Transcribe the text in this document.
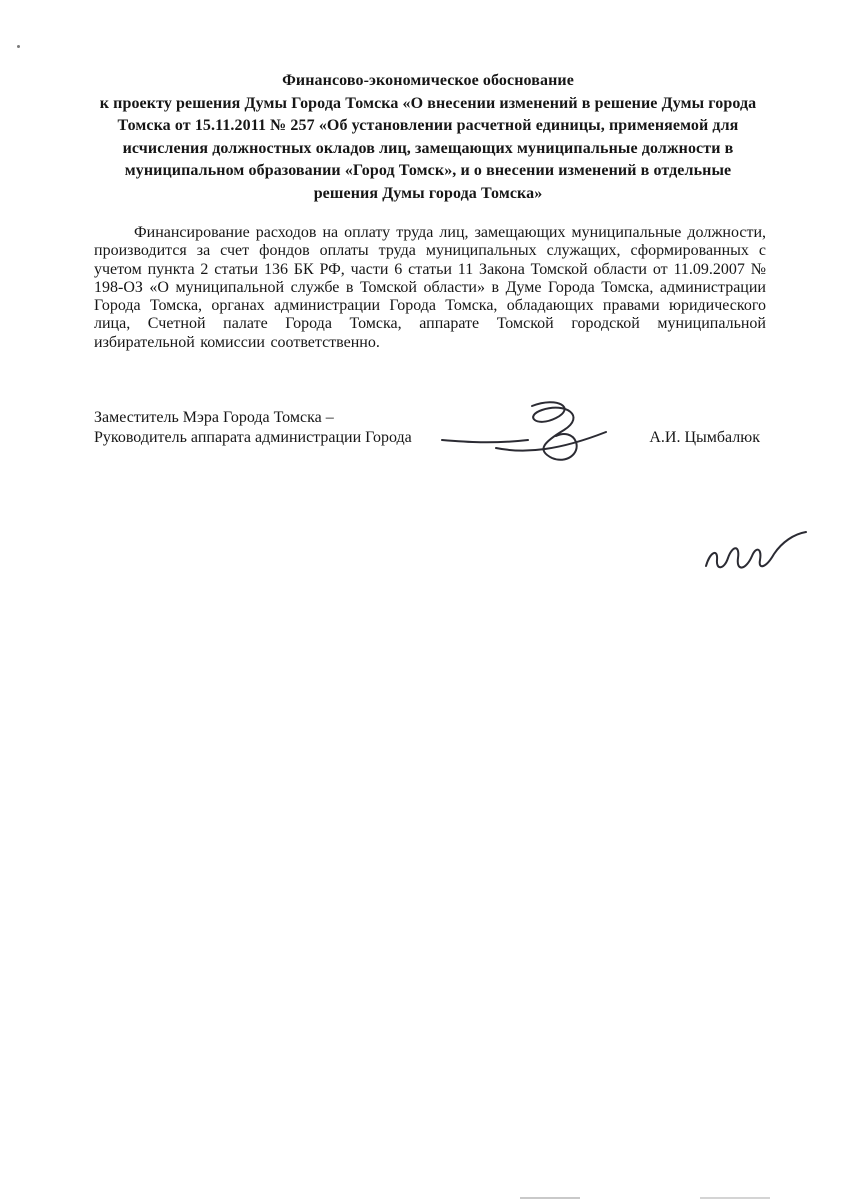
Финансово-экономическое обоснование
к проекту решения Думы Города Томска «О внесении изменений в решение Думы города Томска от 15.11.2011 № 257 «Об установлении расчетной единицы, применяемой для исчисления должностных окладов лиц, замещающих муниципальные должности в муниципальном образовании «Город Томск», и о внесении изменений в отдельные решения Думы города Томска»

Финансирование расходов на оплату труда лиц, замещающих муниципальные должности, производится за счет фондов оплаты труда муниципальных служащих, сформированных с учетом пункта 2 статьи 136 БК РФ, части 6 статьи 11 Закона Томской области от 11.09.2007 № 198-ОЗ «О муниципальной службе в Томской области» в Думе Города Томска, администрации Города Томска, органах администрации Города Томска, обладающих правами юридического лица, Счетной палате Города Томска, аппарате Томской городской муниципальной избирательной комиссии соответственно.

Заместитель Мэра Города Томска –
Руководитель аппарата администрации Города	А.И. Цымбалюк
